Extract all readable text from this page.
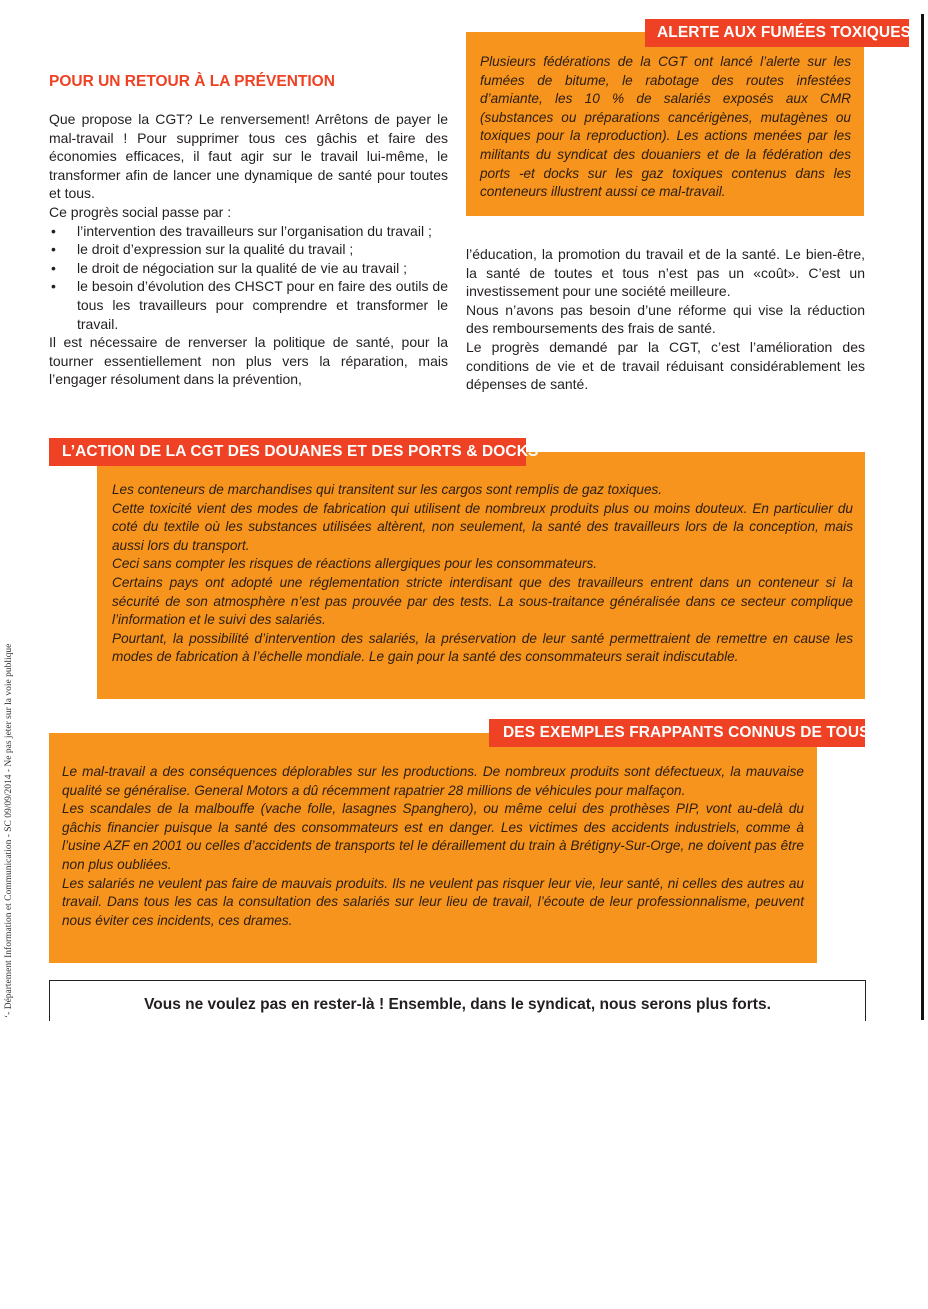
‘- Département Information et Communication - SC 09/09/2014 - Ne pas jeter sur la voie publique
ALERTE AUX FUMÉES TOXIQUES

Plusieurs fédérations de la CGT ont lancé l’alerte sur les fumées de bitume, le rabotage des routes infestées d’amiante, les 10 % de salariés exposés aux CMR (substances ou préparations cancérigènes, mutagènes ou toxiques pour la reproduction). Les actions menées par les militants du syndicat des douaniers et de la fédération des ports -et docks sur les gaz toxiques contenus dans les conteneurs illustrent aussi ce mal-travail.

POUR UN RETOUR À LA PRÉVENTION

Que propose la CGT? Le renversement! Arrêtons de payer le mal-travail ! Pour supprimer tous ces gâchis et faire des économies efficaces, il faut agir sur le travail lui-même, le transformer afin de lancer une dynamique de santé pour toutes et tous.

Ce progrès social passe par :

• l’intervention des travailleurs sur l’organisation du travail ;
• le droit d’expression sur la qualité du travail ;
• le droit de négociation sur la qualité de vie au travail ;
• le besoin d’évolution des CHSCT pour en faire des outils de tous les travailleurs pour comprendre et transformer le travail.

Il est nécessaire de renverser la politique de santé, pour la tourner essentiellement non plus vers la réparation, mais l’engager résolument dans la prévention,

l’éducation, la promotion du travail et de la santé. Le bien-être, la santé de toutes et tous n’est pas un «coût». C’est un investissement pour une société meilleure.

Nous n’avons pas besoin d’une réforme qui vise la réduction des remboursements des frais de santé.

Le progrès demandé par la CGT, c’est l’amélioration des conditions de vie et de travail réduisant considérablement les dépenses de santé.

L’ACTION DE LA CGT DES DOUANES ET DES PORTS & DOCKS

Les conteneurs de marchandises qui transitent sur les cargos sont remplis de gaz toxiques.

Cette toxicité vient des modes de fabrication qui utilisent de nombreux produits plus ou moins douteux. En particulier du coté du textile où les substances utilisées altèrent, non seulement, la santé des travailleurs lors de la conception, mais aussi lors du transport.

Ceci sans compter les risques de réactions allergiques pour les consommateurs.

Certains pays ont adopté une réglementation stricte interdisant que des travailleurs entrent dans un conteneur si la sécurité de son atmosphère n’est pas prouvée par des tests. La sous-traitance généralisée dans ce secteur complique l’information et le suivi des salariés.

Pourtant, la possibilité d’intervention des salariés, la préservation de leur santé permettraient de remettre en cause les modes de fabrication à l’échelle mondiale. Le gain pour la santé des consommateurs serait indiscutable.

DES EXEMPLES FRAPPANTS CONNUS DE TOUS

Le mal-travail a des conséquences déplorables sur les productions. De nombreux produits sont défectueux, la mauvaise qualité se généralise. General Motors a dû récemment rapatrier 28 millions de véhicules pour malfaçon.

Les scandales de la malbouffe (vache folle, lasagnes Spanghero), ou même celui des prothèses PIP, vont au-delà du gâchis financier puisque la santé des consommateurs est en danger. Les victimes des accidents industriels, comme à l’usine AZF en 2001 ou celles d’accidents de transports tel le déraillement du train à Brétigny-Sur-Orge, ne doivent pas être non plus oubliées.

Les salariés ne veulent pas faire de mauvais produits. Ils ne veulent pas risquer leur vie, leur santé, ni celles des autres au travail. Dans tous les cas la consultation des salariés sur leur lieu de travail, l’écoute de leur professionnalisme, peuvent nous éviter ces incidents, ces drames.

Vous ne voulez pas en rester-là ! Ensemble, dans le syndicat, nous serons plus forts.
